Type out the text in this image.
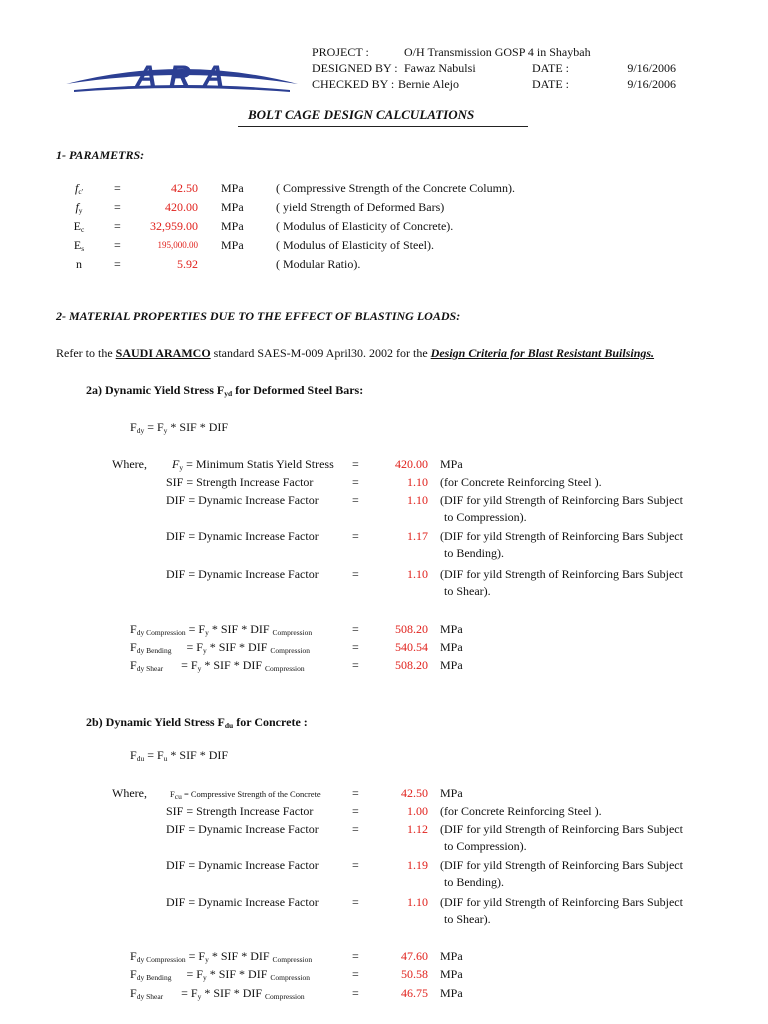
ARA
PROJECT :	O/H Transmission GOSP 4 in Shaybah
DESIGNED BY : Fawaz Nabulsi	DATE :	9/16/2006
CHECKED BY : Bernie Alejo	DATE :	9/16/2006
BOLT CAGE DESIGN CALCULATIONS
1- PARAMETRS:
$f_{c'}$	=	42.50 MPa	( Compressive Strength of the Concrete Column).
$f_y$	=	420.00 MPa	( yield Strength of Deformed Bars)
$E_c$	=	32,959.00 MPa	( Modulus of Elasticity of Concrete).
$E_s$	=	195,000.00 MPa	( Modulus of Elasticity of Steel).
n	=	5.92	( Modular Ratio).
2- MATERIAL PROPERTIES DUE TO THE EFFECT OF BLASTING LOADS:
Refer to the SAUDI ARAMCO standard SAES-M-009 April30. 2002 for the Design Criteria for Blast Resistant Builsings.
2a) Dynamic Yield Stress $F_{yd}$ for Deformed Steel Bars:
$F_{dy} = F_y$ * SIF * DIF
Where, $F_y$ = Minimum Statis Yield Stress =	420.00 MPa
SIF = Strength Increase Factor	=	1.10 (for Concrete Reinforcing Steel ).
DIF = Dynamic Increase Factor	=	1.10 (DIF for yild Strength of Reinforcing Bars Subject
to Compression).
DIF = Dynamic Increase Factor	=	1.17 (DIF for yild Strength of Reinforcing Bars Subject
to Bending).
DIF = Dynamic Increase Factor	=	1.10 (DIF for yild Strength of Reinforcing Bars Subject
to Shear).
$F_{dy Compression} = F_y$ * SIF * DIF $_{Compression}$	=	508.20 MPa
$F_{dy Bending}$     = $F_y$ * SIF * DIF $_{Compression}$	=	540.54 MPa
$F_{dy Shear}$      = $F_y$ * SIF * DIF $_{Compression}$	=	508.20 MPa
2b) Dynamic Yield Stress $F_{du}$ for Concrete :
$F_{du} = F_u$ * SIF * DIF
Where,	$F_{cu}$ = Compressive Strength of the Concrete	=	42.50 MPa
SIF = Strength Increase Factor	=	1.00 (for Concrete Reinforcing Steel ).
DIF = Dynamic Increase Factor	=	1.12 (DIF for yild Strength of Reinforcing Bars Subject
to Compression).
DIF = Dynamic Increase Factor	=	1.19 (DIF for yild Strength of Reinforcing Bars Subject
to Bending).
DIF = Dynamic Increase Factor	=	1.10 (DIF for yild Strength of Reinforcing Bars Subject
to Shear).
$F_{dy Compression} = F_y$ * SIF * DIF $_{Compression}$	=	47.60 MPa
$F_{dy Bending}$     = $F_y$ * SIF * DIF $_{Compression}$	=	50.58 MPa
$F_{dy Shear}$      = $F_y$ * SIF * DIF $_{Compression}$	=	46.75 MPa
